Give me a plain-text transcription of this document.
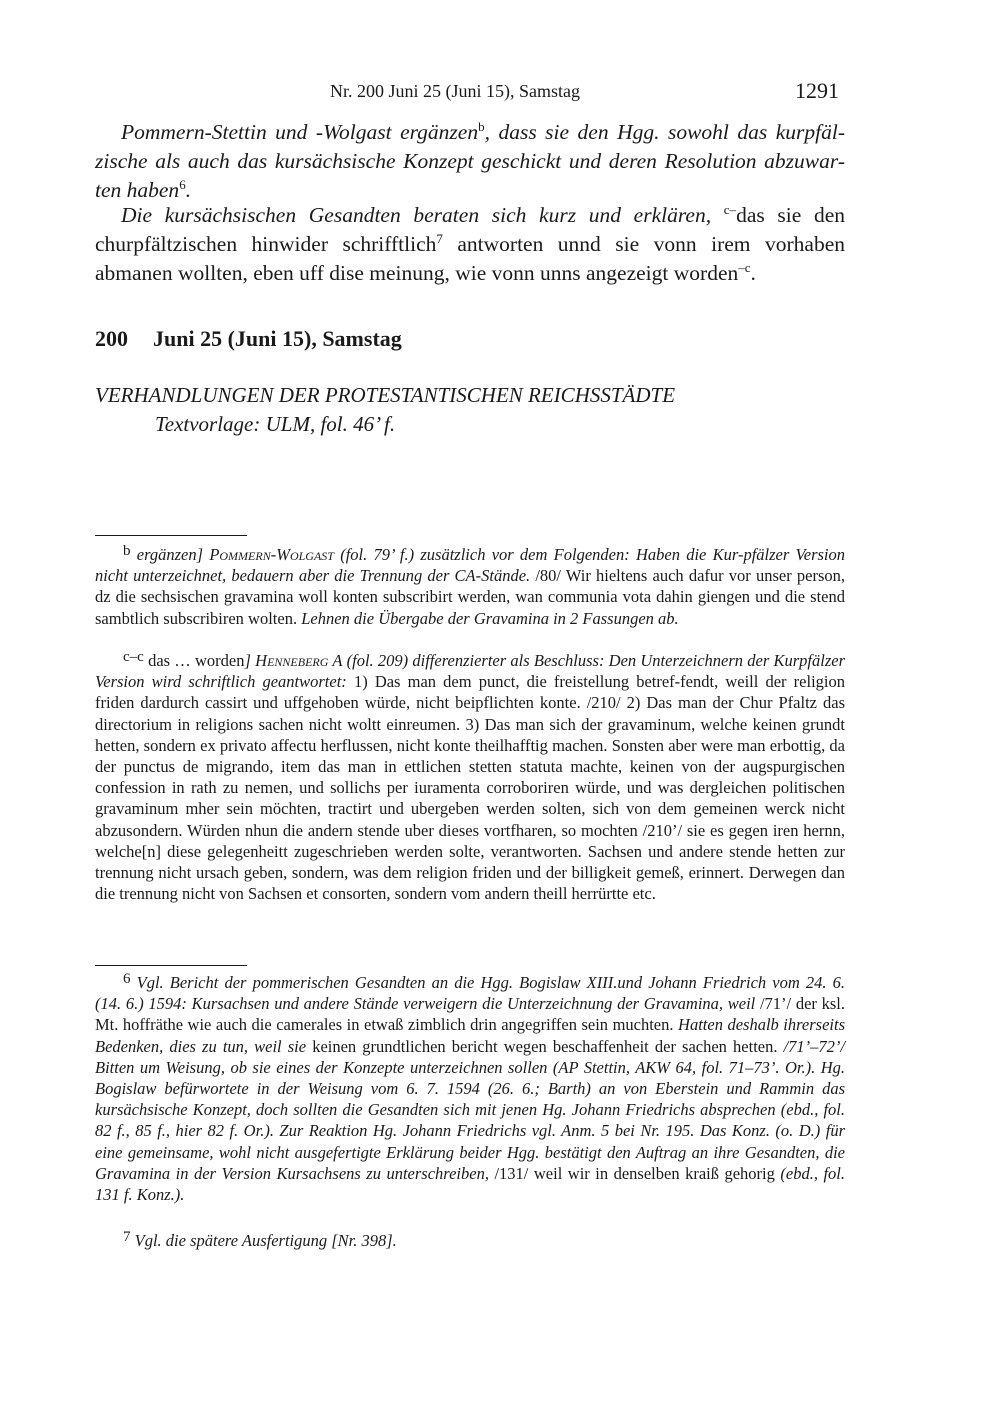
Nr. 200 Juni 25 (Juni 15), Samstag	1291
Pommern-Stettin und -Wolgast ergänzen$^b$, dass sie den Hgg. sowohl das kurpfäl-zische als auch das kursächsische Konzept geschickt und deren Resolution abzuwar-ten haben$^6$.
Die kursächsischen Gesandten beraten sich kurz und erklären, $^{c-}$das sie den churpfältzischen hinwider schrifftlich$^7$ antworten unnd sie vonn irem vorhaben abmanen wollten, eben uff dise meinung, wie vonn unns angezeigt worden$^{-c}$.
200 Juni 25 (Juni 15), Samstag
VERHANDLUNGEN DER PROTESTANTISCHEN REICHSSTÄDTE
Textvorlage: ULM, fol. 46’ f.
b ergänzen] Pommern-Wolgast (fol. 79’ f.) zusätzlich vor dem Folgenden: Haben die Kur-pfälzer Version nicht unterzeichnet, bedauern aber die Trennung der CA-Stände. /80/ Wir hieltens auch dafur vor unser person, dz die sechsischen gravamina woll konten subscribirt werden, wan communia vota dahin giengen und die stend sambtlich subscribiren wolten. Lehnen die Übergabe der Gravamina in 2 Fassungen ab.
c–c das … worden] Henneberg A (fol. 209) differenzierter als Beschluss: Den Unterzeichnern der Kurpfälzer Version wird schriftlich geantwortet: 1) Das man dem punct, die freistellung betref-fendt, weill der religion friden dardurch cassirt und uffgehoben würde, nicht beipflichten konte. /210/ 2) Das man der Chur Pfaltz das directorium in religions sachen nicht woltt einreumen. 3) Das man sich der gravaminum, welche keinen grundt hetten, sondern ex privato affectu herflussen, nicht konte theilhafftig machen. Sonsten aber were man erbottig, da der punctus de migrando, item das man in ettlichen stetten statuta machte, keinen von der augspurgischen confession in rath zu nemen, und sollichs per iuramenta corroboriren würde, und was dergleichen politischen gravaminum mher sein möchten, tractirt und ubergeben werden solten, sich von dem gemeinen werck nicht abzusondern. Würden nhun die andern stende uber dieses vortfharen, so mochten /210’/ sie es gegen iren hernn, welche[n] diese gelegenheitt zugeschrieben werden solte, verantworten. Sachsen und andere stende hetten zur trennung nicht ursach geben, sondern, was dem religion friden und der billigkeit gemeß, erinnert. Derwegen dan die trennung nicht von Sachsen et consorten, sondern vom andern theill herrürtte etc.
6 Vgl. Bericht der pommerischen Gesandten an die Hgg. Bogislaw XIII.und Johann Friedrich vom 24. 6. (14. 6.) 1594: Kursachsen und andere Stände verweigern die Unterzeichnung der Gravamina, weil /71’/ der ksl. Mt. hoffräthe wie auch die camerales in etwaß zimblich drin angegriffen sein muchten. Hatten deshalb ihrerseits Bedenken, dies zu tun, weil sie keinen grundtlichen bericht wegen beschaffenheit der sachen hetten. /71’–72’/ Bitten um Weisung, ob sie eines der Konzepte unterzeichnen sollen (AP Stettin, AKW 64, fol. 71–73’. Or.). Hg. Bogislaw befürwortete in der Weisung vom 6. 7. 1594 (26. 6.; Barth) an von Eberstein und Rammin das kursächsische Konzept, doch sollten die Gesandten sich mit jenen Hg. Johann Friedrichs absprechen (ebd., fol. 82 f., 85 f., hier 82 f. Or.). Zur Reaktion Hg. Johann Friedrichs vgl. Anm. 5 bei Nr. 195. Das Konz. (o. D.) für eine gemeinsame, wohl nicht ausgefertigte Erklärung beider Hgg. bestätigt den Auftrag an ihre Gesandten, die Gravamina in der Version Kursachsens zu unterschreiben, /131/ weil wir in denselben kraiß gehorig (ebd., fol. 131 f. Konz.).
7 Vgl. die spätere Ausfertigung [Nr. 398].
